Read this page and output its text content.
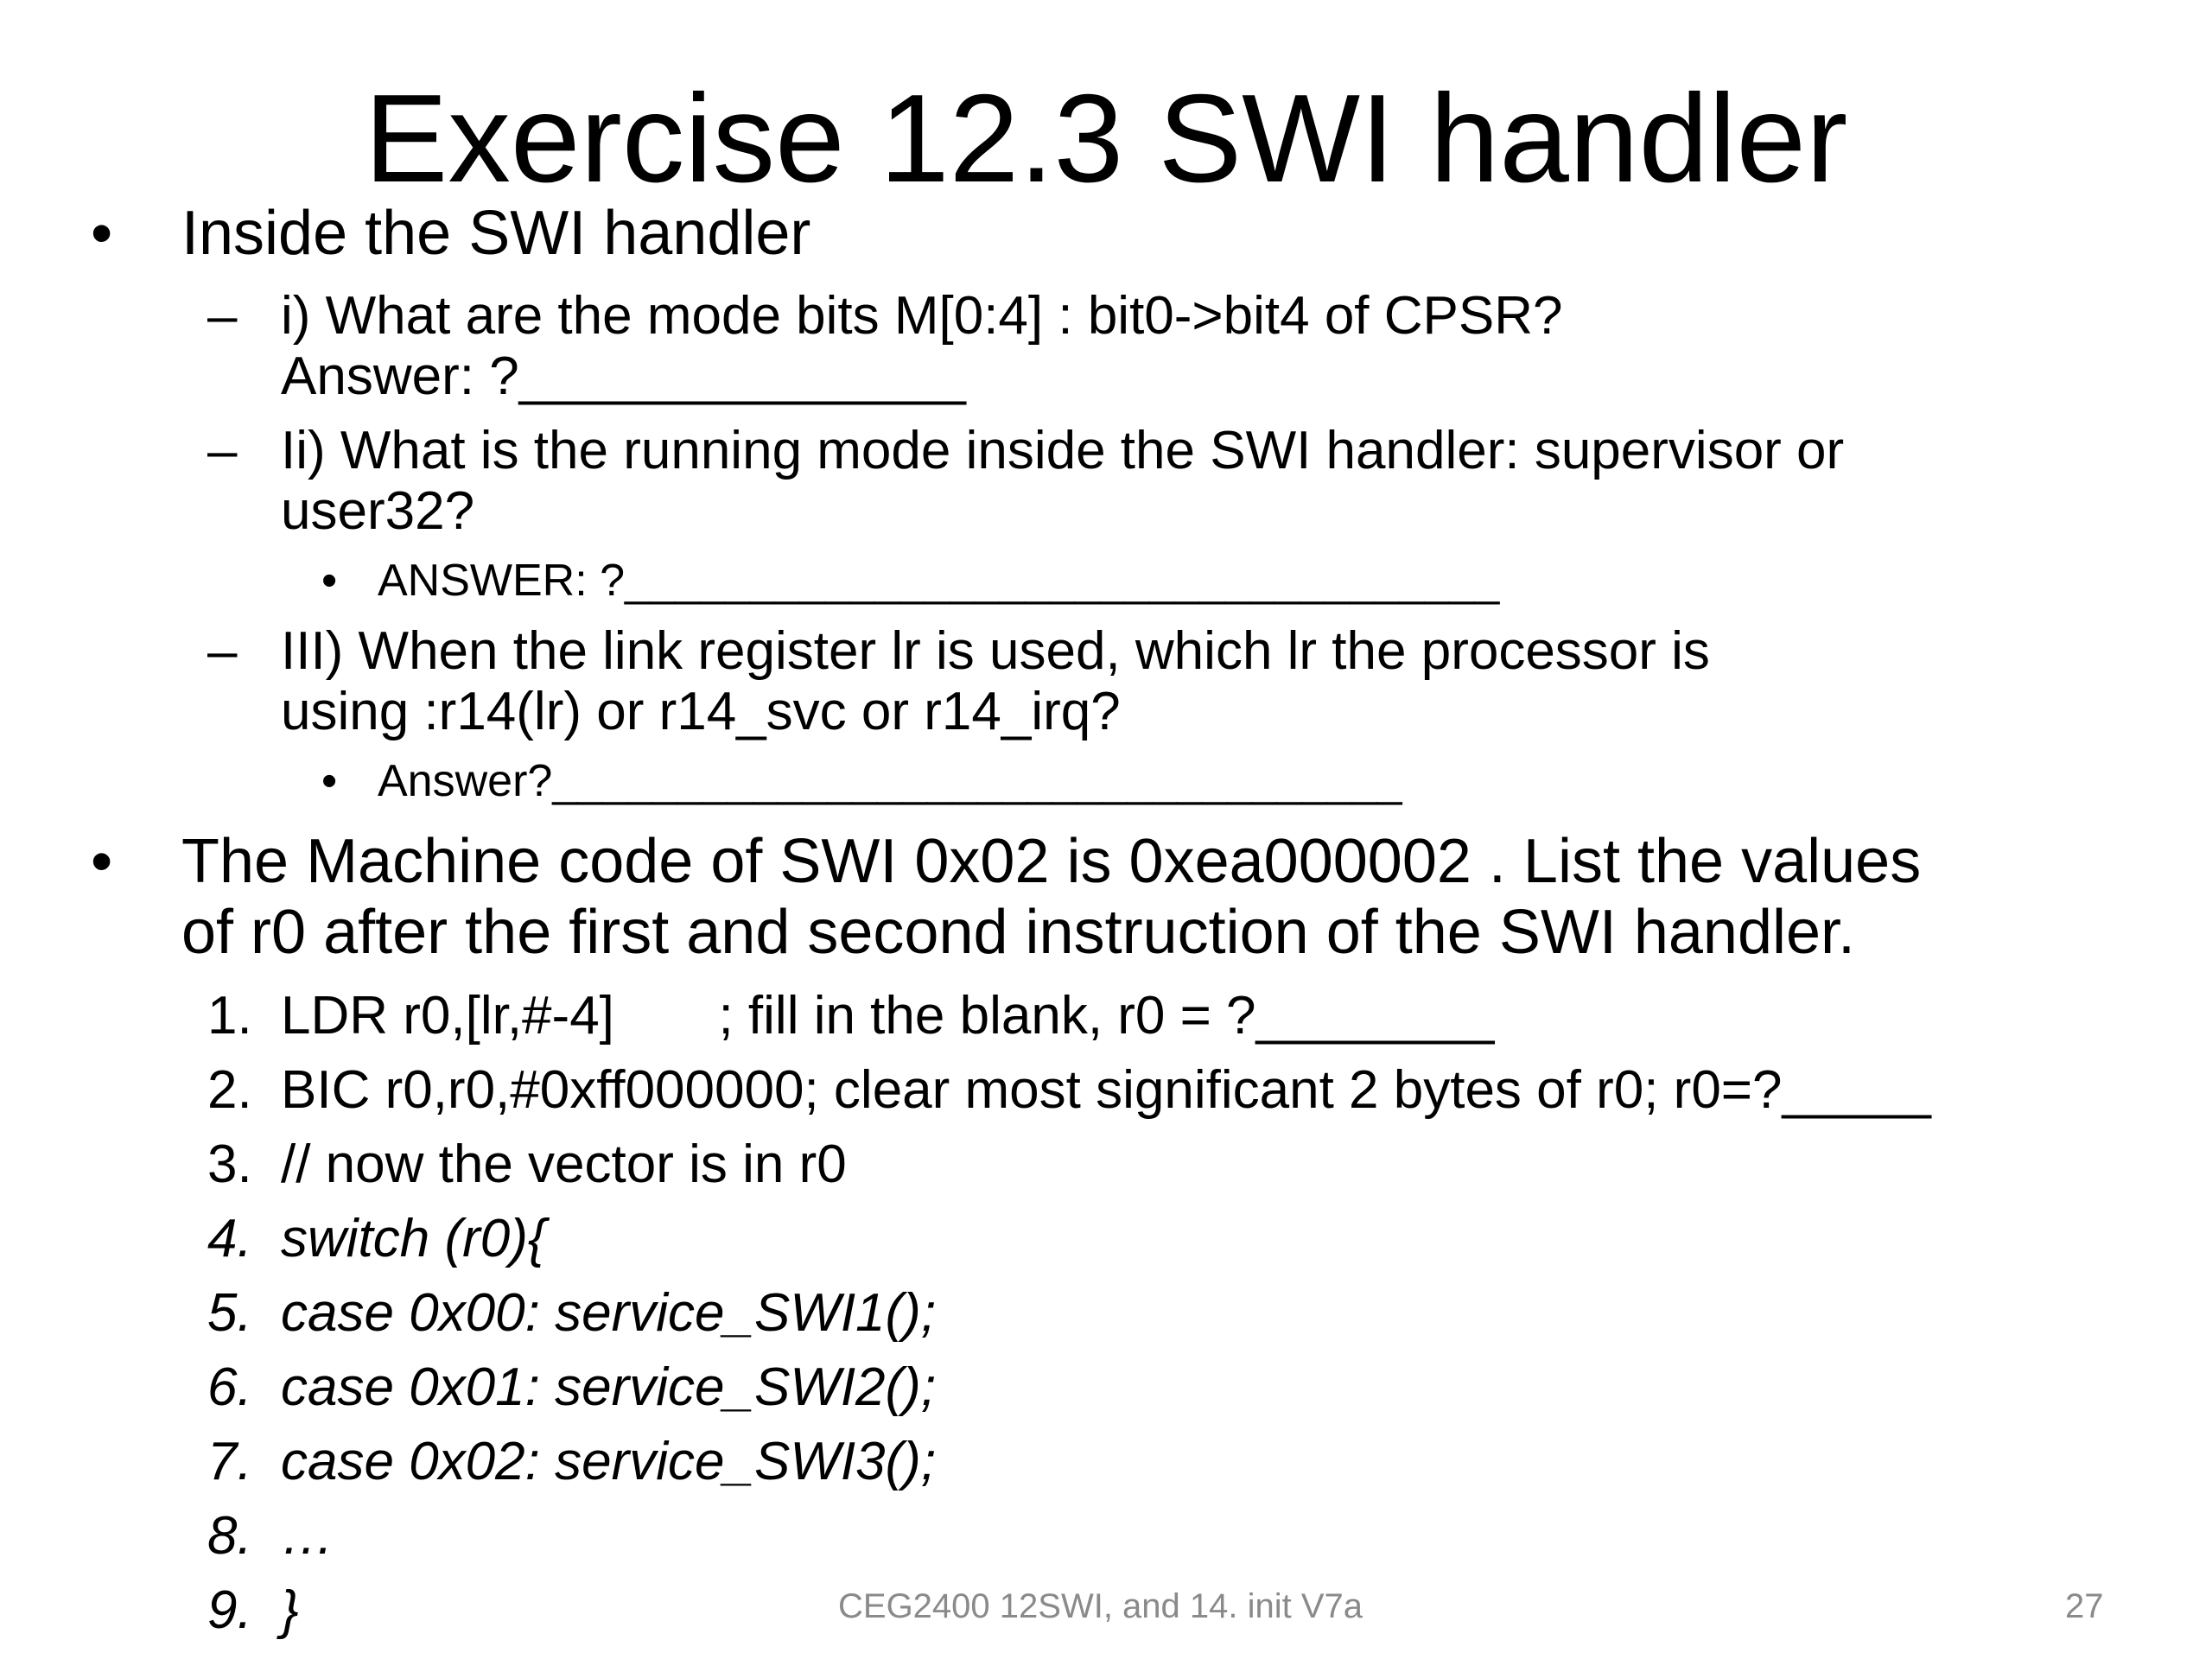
Exercise 12.3 SWI handler
• Inside the SWI handler
– i) What are the mode bits M[0:4] : bit0->bit4 of CPSR?
Answer: ?_______________
– Ii) What is the running mode inside the SWI handler: supervisor or
user32?
• ANSWER: ?___________________________________
– III) When the link register lr is used, which lr the processor is
using :r14(lr) or r14_svc or r14_irq?
• Answer?__________________________________
• The Machine code of SWI 0x02 is 0xea000002 . List the values
of r0 after the first and second instruction of the SWI handler.
1. LDR r0,[lr,#-4]       ; fill in the blank, r0 = ?________
2. BIC r0,r0,#0xff000000; clear most significant 2 bytes of r0; r0=?_____
3. // now the vector is in r0
4. switch (r0){
5. case 0x00: service_SWI1();
6. case 0x01: service_SWI2();
7. case 0x02: service_SWI3();
8. …
9. }	CEG2400 12SWI, and 14. init V7a	27
